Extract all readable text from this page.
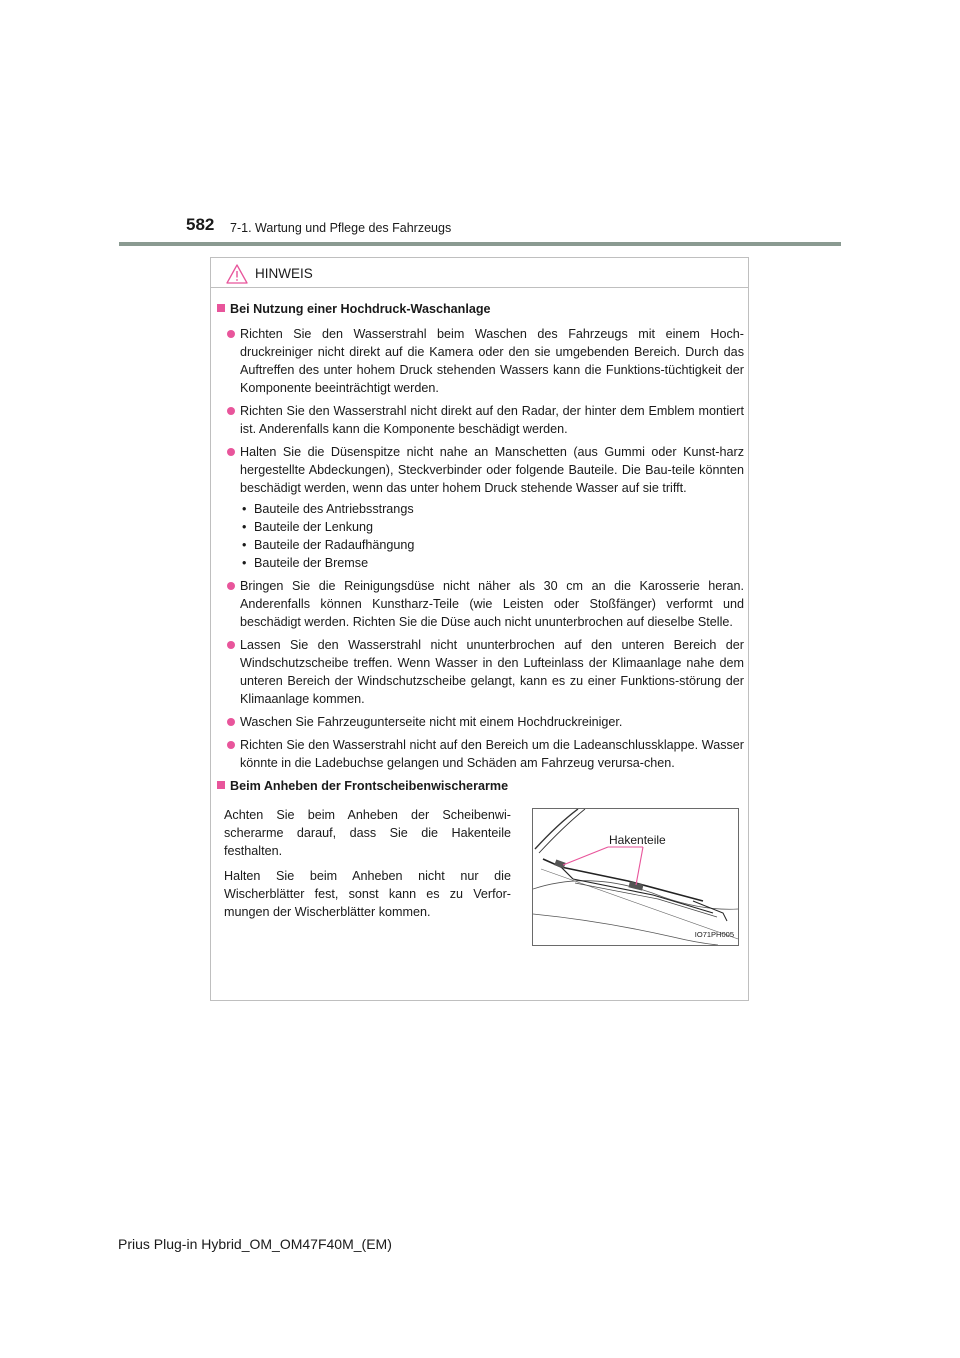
582 7-1. Wartung und Pflege des Fahrzeugs
HINWEIS
Bei Nutzung einer Hochdruck-Waschanlage
Richten Sie den Wasserstrahl beim Waschen des Fahrzeugs mit einem Hoch-druckreiniger nicht direkt auf die Kamera oder den sie umgebenden Bereich. Durch das Auftreffen des unter hohem Druck stehenden Wassers kann die Funktions-tüchtigkeit der Komponente beeinträchtigt werden.
Richten Sie den Wasserstrahl nicht direkt auf den Radar, der hinter dem Emblem montiert ist. Anderenfalls kann die Komponente beschädigt werden.
Halten Sie die Düsenspitze nicht nahe an Manschetten (aus Gummi oder Kunst-harz hergestellte Abdeckungen), Steckverbinder oder folgende Bauteile. Die Bau-teile könnten beschädigt werden, wenn das unter hohem Druck stehende Wasser auf sie trifft.
• Bauteile des Antriebsstrangs
• Bauteile der Lenkung
• Bauteile der Radaufhängung
• Bauteile der Bremse
Bringen Sie die Reinigungsdüse nicht näher als 30 cm an die Karosserie heran. Anderenfalls können Kunstharz-Teile (wie Leisten oder Stoßfänger) verformt und beschädigt werden. Richten Sie die Düse auch nicht ununterbrochen auf dieselbe Stelle.
Lassen Sie den Wasserstrahl nicht ununterbrochen auf den unteren Bereich der Windschutzscheibe treffen. Wenn Wasser in den Lufteinlass der Klimaanlage nahe dem unteren Bereich der Windschutzscheibe gelangt, kann es zu einer Funktions-störung der Klimaanlage kommen.
Waschen Sie Fahrzeugunterseite nicht mit einem Hochdruckreiniger.
Richten Sie den Wasserstrahl nicht auf den Bereich um die Ladeanschlussklappe. Wasser könnte in die Ladebuchse gelangen und Schäden am Fahrzeug verursa-chen.
Beim Anheben der Frontscheibenwischerarme

Achten Sie beim Anheben der Scheibenwi-scherarme darauf, dass Sie die Hakenteile festhalten.

Halten Sie beim Anheben nicht nur die Wischerblätter fest, sonst kann es zu Verfor-mungen der Wischerblätter kommen.

Hakenteile
IO71PH005
Prius Plug-in Hybrid_OM_OM47F40M_(EM)
